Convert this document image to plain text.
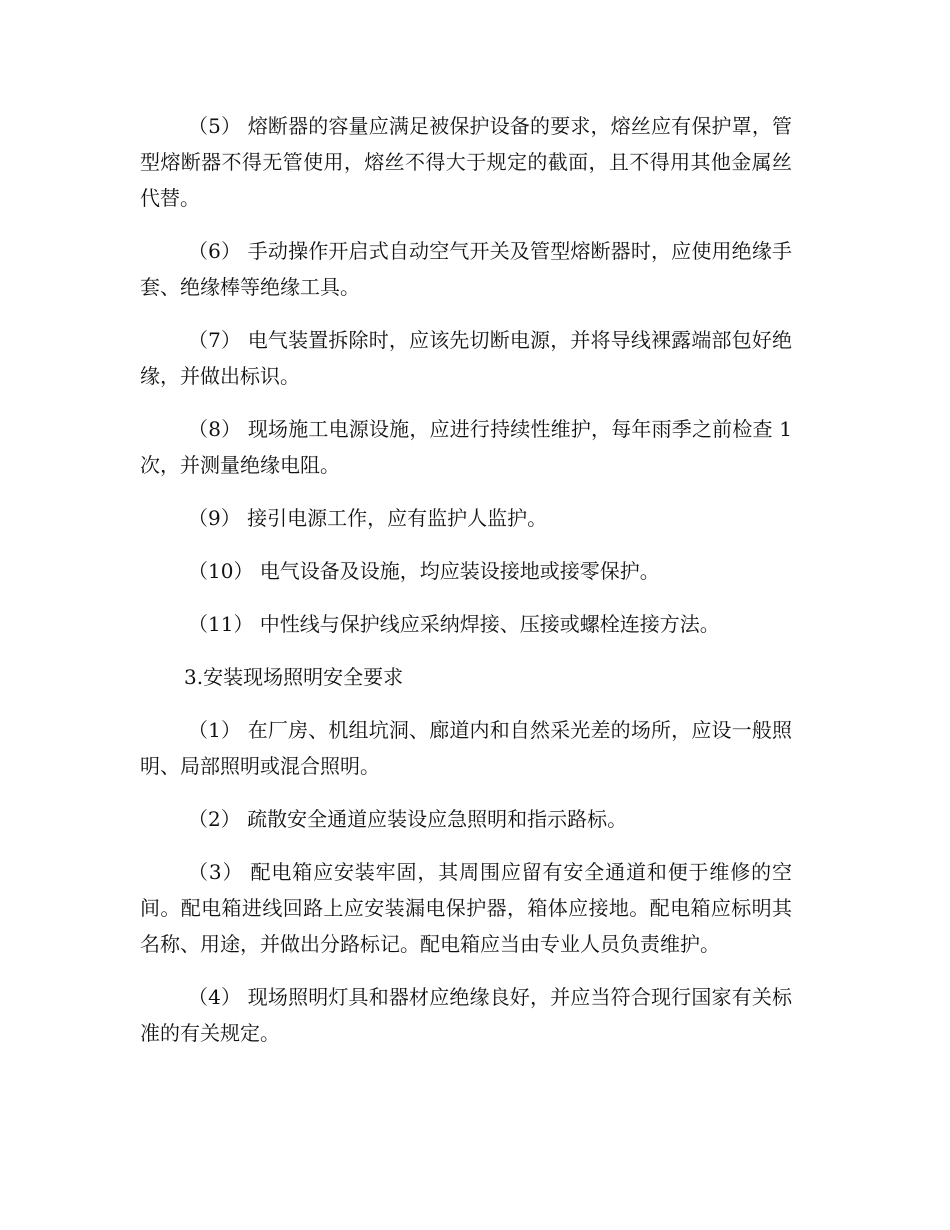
（5） 熔断器的容量应满足被保护设备的要求，熔丝应有保护罩，管型熔断器不得无管使用，熔丝不得大于规定的截面，且不得用其他金属丝代替。

（6） 手动操作开启式自动空气开关及管型熔断器时，应使用绝缘手套、绝缘棒等绝缘工具。

（7） 电气装置拆除时，应该先切断电源，并将导线裸露端部包好绝缘，并做出标识。

（8） 现场施工电源设施，应进行持续性维护，每年雨季之前检查 1 次，并测量绝缘电阻。

（9） 接引电源工作，应有监护人监护。

（10） 电气设备及设施，均应装设接地或接零保护。

（11） 中性线与保护线应采纳焊接、压接或螺栓连接方法。

3.安装现场照明安全要求

（1） 在厂房、机组坑洞、廊道内和自然采光差的场所，应设一般照明、局部照明或混合照明。

（2） 疏散安全通道应装设应急照明和指示路标。

（3） 配电箱应安装牢固，其周围应留有安全通道和便于维修的空间。配电箱进线回路上应安装漏电保护器，箱体应接地。配电箱应标明其名称、用途，并做出分路标记。配电箱应当由专业人员负责维护。

（4） 现场照明灯具和器材应绝缘良好，并应当符合现行国家有关标准的有关规定。
